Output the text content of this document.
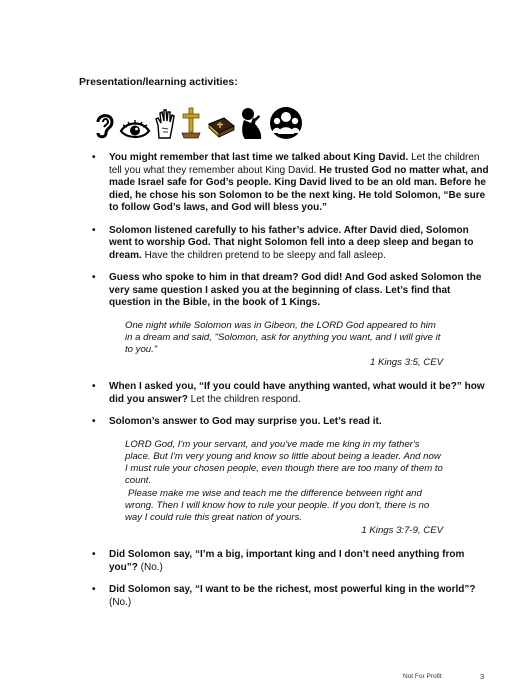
Presentation/learning activities:
• You might remember that last time we talked about King David. Let the children tell you what they remember about King David. He trusted God no matter what, and made Israel safe for God’s people. King David lived to be an old man. Before he died, he chose his son Solomon to be the next king. He told Solomon, “Be sure to follow God’s laws, and God will bless you.”
• Solomon listened carefully to his father’s advice. After David died, Solomon went to worship God. That night Solomon fell into a deep sleep and began to dream. Have the children pretend to be sleepy and fall asleep.
• Guess who spoke to him in that dream? God did! And God asked Solomon the very same question I asked you at the beginning of class. Let’s find that question in the Bible, in the book of 1 Kings.
One night while Solomon was in Gibeon, the LORD God appeared to him in a dream and said, "Solomon, ask for anything you want, and I will give it to you."
1 Kings 3:5, CEV
• When I asked you, “If you could have anything wanted, what would it be?” how did you answer? Let the children respond.
• Solomon’s answer to God may surprise you. Let’s read it.
LORD God, I'm your servant, and you've made me king in my father's place. But I'm very young and know so little about being a leader. And now I must rule your chosen people, even though there are too many of them to count.
Please make me wise and teach me the difference between right and wrong. Then I will know how to rule your people. If you don't, there is no way I could rule this great nation of yours.
1 Kings 3:7-9, CEV
• Did Solomon say, “I’m a big, important king and I don’t need anything from you”? (No.)
• Did Solomon say, “I want to be the richest, most powerful king in the world”? (No.)
Not For Profit	3
